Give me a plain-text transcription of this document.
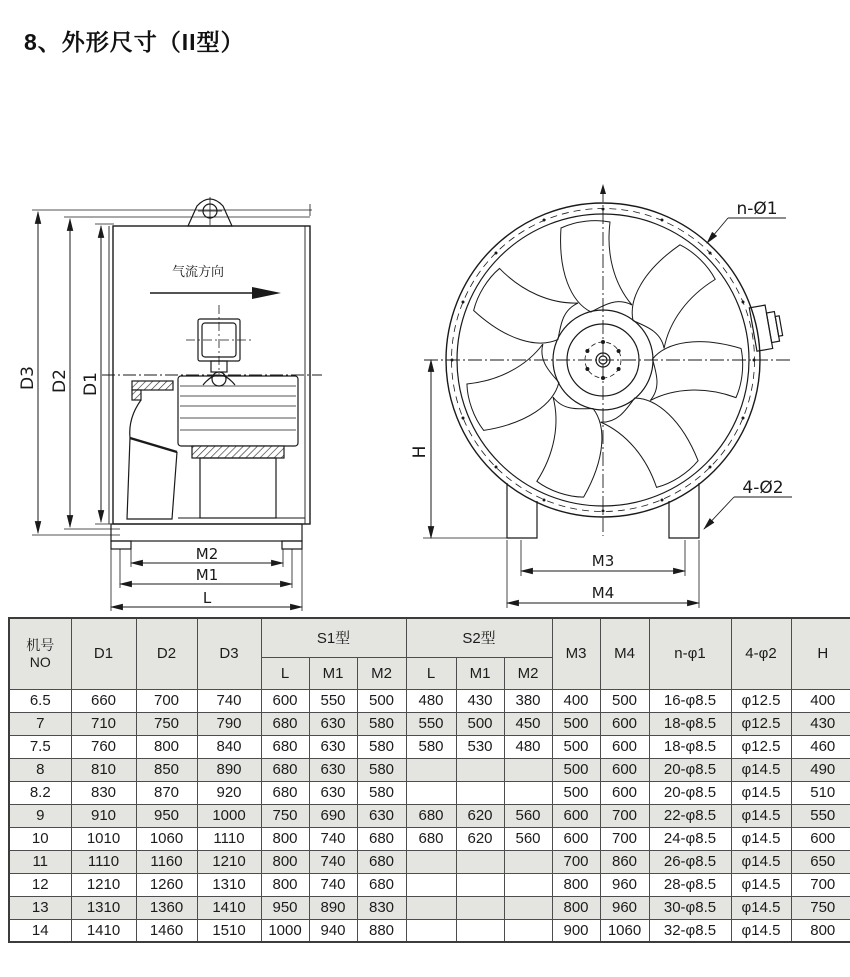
8、外形尺寸（II型）
D3 D2 D1
气流方向
M2
M1
L
n-Ø1
4-Ø2
M3
M4
H
机号
NO	D1	D2	D3	S1型			S2型			M3	M4	n-φ1	4-φ2	H
				L	M1	M2	L	M1	M2					
6.5	660	700	740	600	550	500	480	430	380	400	500	16-φ8.5	φ12.5	400
7	710	750	790	680	630	580	550	500	450	500	600	18-φ8.5	φ12.5	430
7.5	760	800	840	680	630	580	580	530	480	500	600	18-φ8.5	φ12.5	460
8	810	850	890	680	630	580				500	600	20-φ8.5	φ14.5	490
8.2	830	870	920	680	630	580				500	600	20-φ8.5	φ14.5	510
9	910	950	1000	750	690	630	680	620	560	600	700	22-φ8.5	φ14.5	550
10	1010	1060	1110	800	740	680	680	620	560	600	700	24-φ8.5	φ14.5	600
11	1110	1160	1210	800	740	680				700	860	26-φ8.5	φ14.5	650
12	1210	1260	1310	800	740	680				800	960	28-φ8.5	φ14.5	700
13	1310	1360	1410	950	890	830				800	960	30-φ8.5	φ14.5	750
14	1410	1460	1510	1000	940	880				900	1060	32-φ8.5	φ14.5	800
